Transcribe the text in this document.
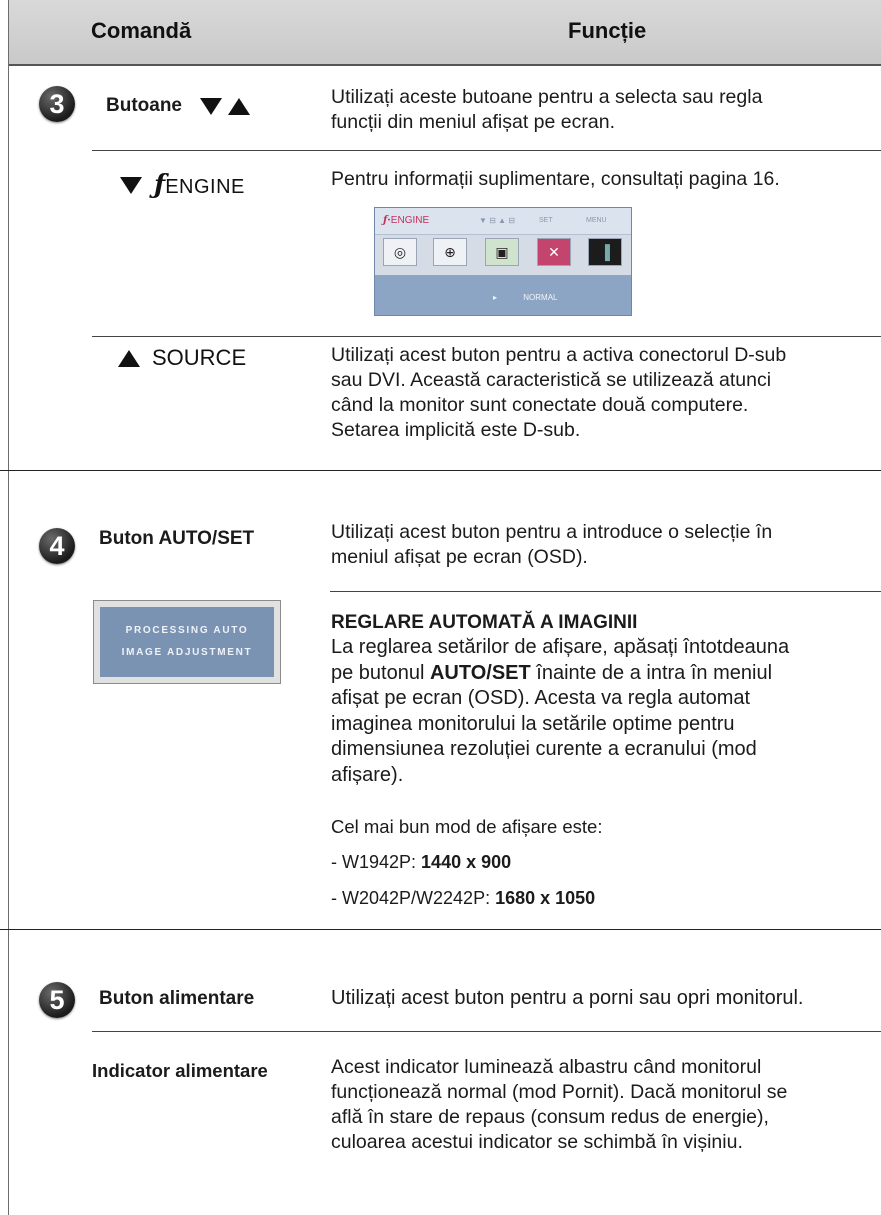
Comandă	Funcție
3	Butoane	Utilizați aceste butoane pentru a selecta sau regla
funcții din meniul afișat pe ecran.
ƒ ENGINE	Pentru informații suplimentare, consultați pagina 16.
ƒ·ENGINE	▼ ⊟ ▲ ⊟	SET	MENU
◎	⊕	▣	✕	▐
▸	NORMAL
SOURCE	Utilizați acest buton pentru a activa conectorul D-sub
sau DVI. Această caracteristică se utilizează atunci
când la monitor sunt conectate două computere.
Setarea implicită este D-sub.
4	Buton AUTO/SET	Utilizați acest buton pentru a introduce o selecție în
meniul afișat pe ecran (OSD).
PROCESSING AUTO
IMAGE ADJUSTMENT
REGLARE AUTOMATĂ A IMAGINII
La reglarea setărilor de afișare, apăsați întotdeauna
pe butonul AUTO/SET înainte de a intra în meniul
afișat pe ecran (OSD). Acesta va regla automat
imaginea monitorului la setările optime pentru
dimensiunea rezoluției curente a ecranului (mod
afișare).
Cel mai bun mod de afișare este:
- W1942P: 1440 x 900
- W2042P/W2242P: 1680 x 1050
5	Buton alimentare	Utilizați acest buton pentru a porni sau opri monitorul.
Indicator alimentare	Acest indicator luminează albastru când monitorul
funcționează normal (mod Pornit). Dacă monitorul se
află în stare de repaus (consum redus de energie),
culoarea acestui indicator se schimbă în vișiniu.
